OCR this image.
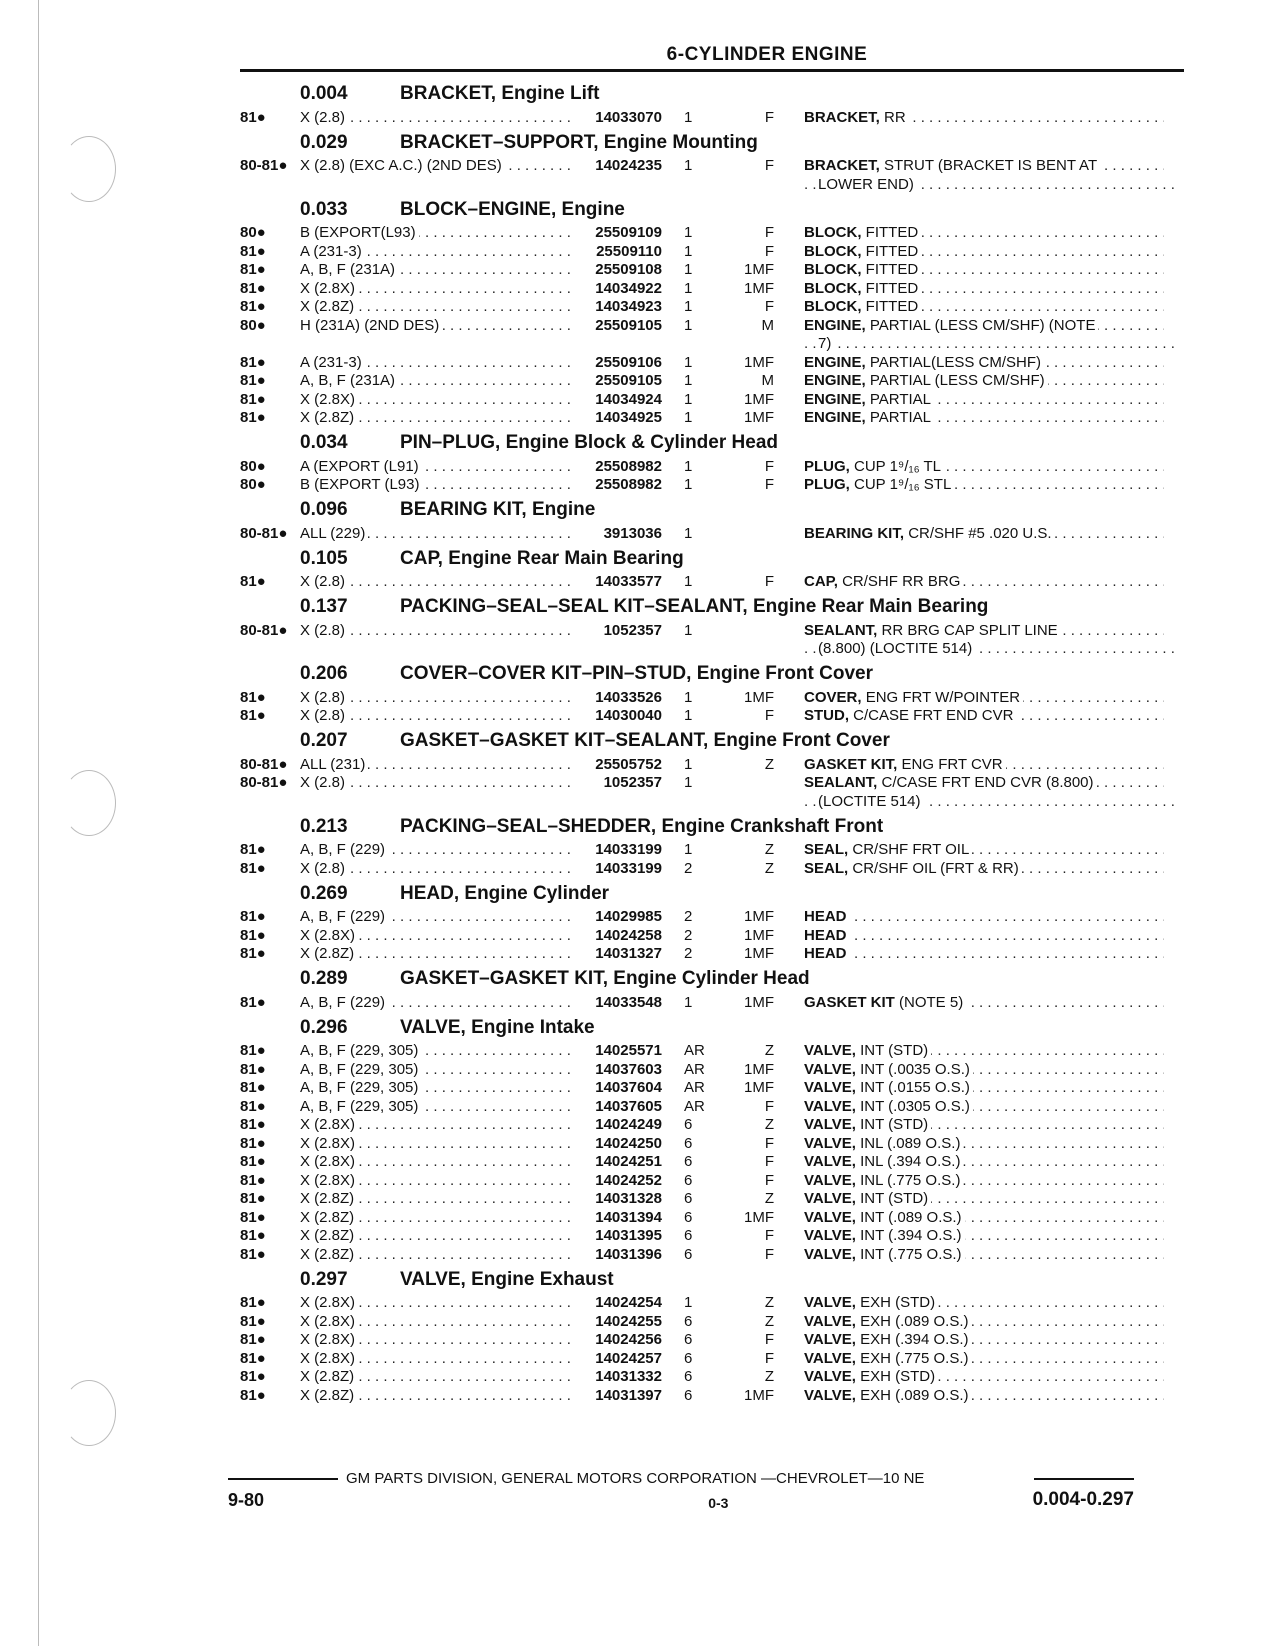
6-CYLINDER ENGINE
0.004	BRACKET,
Engine Lift
81●	X (2.8) . . .	14033070	1	F	BRACKET, RR . . .
0.029	BRACKET–SUPPORT,
Engine Mounting
80-81● X (2.8) (EXC A.C.) (2ND DES) . . .	14024235	1	F	BRACKET, STRUT (BRACKET IS BENT AT . . .
LOWER END) . . .
0.033	BLOCK–ENGINE,
Engine
80●	B (EXPORT(L93) . . .	25509109	1	F	BLOCK, FITTED . . .
81●	A (231-3) . . .	25509110	1	F	BLOCK, FITTED . . .
81●	A, B, F (231A) . . .	25509108	1	1MF	BLOCK, FITTED . . .
81●	X (2.8X) . . .	14034922	1	1MF	BLOCK, FITTED . . .
81●	X (2.8Z) . . .	14034923	1	F	BLOCK, FITTED . . .
80●	H (231A) (2ND DES) . . .	25509105	1	M	ENGINE, PARTIAL (LESS CM/SHF) (NOTE . . .
7) . . .
81●	A (231-3) . . .	25509106	1	1MF	ENGINE, PARTIAL(LESS CM/SHF) . . .
81●	A, B, F (231A) . . .	25509105	1	M	ENGINE, PARTIAL (LESS CM/SHF) . . .
81●	X (2.8X) . . .	14034924	1	1MF	ENGINE, PARTIAL . . .
81●	X (2.8Z) . . .	14034925	1	1MF	ENGINE, PARTIAL . . .
0.034	PIN–PLUG,
Engine Block & Cylinder Head
80●	A (EXPORT (L91) . . .	25508982	1	F	PLUG, CUP 1⁹/₁₆ TL . . .
80●	B (EXPORT (L93) . . .	25508982	1	F	PLUG, CUP 1⁹/₁₆ STL . . .
0.096	BEARING KIT,
Engine
80-81● ALL (229) . . .	3913036	1	BEARING KIT, CR/SHF #5 .020 U.S. . . .
0.105	CAP,
Engine Rear Main Bearing
81●	X (2.8) . . .	14033577	1	F	CAP, CR/SHF RR BRG . . .
0.137	PACKING–SEAL–SEAL KIT–SEALANT,
Engine Rear Main Bearing
80-81● X (2.8) . . .	1052357	1	SEALANT, RR BRG CAP SPLIT LINE . . .
(8.800) (LOCTITE 514) . . .
0.206	COVER–COVER KIT–PIN–STUD,
Engine Front Cover
81●	X (2.8) . . .	14033526	1	1MF	COVER, ENG FRT W/POINTER . . .
81●	X (2.8) . . .	14030040	1	F	STUD, C/CASE FRT END CVR . . .
0.207	GASKET–GASKET KIT–SEALANT,
Engine Front Cover
80-81● ALL (231) . . .	25505752	1	Z	GASKET KIT, ENG FRT CVR . . .
80-81● X (2.8) . . .	1052357	1	SEALANT, C/CASE FRT END CVR (8.800) . . .
(LOCTITE 514) . . .
0.213	PACKING–SEAL–SHEDDER,
Engine Crankshaft Front
81●	A, B, F (229) . . .	14033199	1	Z	SEAL, CR/SHF FRT OIL . . .
81●	X (2.8) . . .	14033199	2	Z	SEAL, CR/SHF OIL (FRT & RR) . . .
0.269	HEAD,
Engine Cylinder
81●	A, B, F (229) . . .	14029985	2	1MF	HEAD . . .
81●	X (2.8X) . . .	14024258	2	1MF	HEAD . . .
81●	X (2.8Z) . . .	14031327	2	1MF	HEAD . . .
0.289	GASKET–GASKET KIT,
Engine Cylinder Head
81●	A, B, F (229) . . .	14033548	1	1MF	GASKET KIT (NOTE 5) . . .
0.296	VALVE,
Engine Intake
81●	A, B, F (229, 305) . . .	14025571	AR	Z	VALVE, INT (STD) . . .
81●	A, B, F (229, 305) . . .	14037603	AR	1MF	VALVE, INT (.0035 O.S.) . . .
81●	A, B, F (229, 305) . . .	14037604	AR	1MF	VALVE, INT (.0155 O.S.) . . .
81●	A, B, F (229, 305) . . .	14037605	AR	F	VALVE, INT (.0305 O.S.) . . .
81●	X (2.8X) . . .	14024249	6	Z	VALVE, INT (STD) . . .
81●	X (2.8X) . . .	14024250	6	F	VALVE, INL (.089 O.S.) . . .
81●	X (2.8X) . . .	14024251	6	F	VALVE, INL (.394 O.S.) . . .
81●	X (2.8X) . . .	14024252	6	F	VALVE, INL (.775 O.S.) . . .
81●	X (2.8Z) . . .	14031328	6	Z	VALVE, INT (STD) . . .
81●	X (2.8Z) . . .	14031394	6	1MF	VALVE, INT (.089 O.S.) . . .
81●	X (2.8Z) . . .	14031395	6	F	VALVE, INT (.394 O.S.) . . .
81●	X (2.8Z) . . .	14031396	6	F	VALVE, INT (.775 O.S.) . . .
0.297	VALVE,
Engine Exhaust
81●	X (2.8X) . . .	14024254	1	Z	VALVE, EXH (STD) . . .
81●	X (2.8X) . . .	14024255	6	Z	VALVE, EXH (.089 O.S.) . . .
81●	X (2.8X) . . .	14024256	6	F	VALVE, EXH (.394 O.S.) . . .
81●	X (2.8X) . . .	14024257	6	F	VALVE, EXH (.775 O.S.) . . .
81●	X (2.8Z) . . .	14031332	6	Z	VALVE, EXH (STD) . . .
81●	X (2.8Z) . . .	14031397	6	1MF	VALVE, EXH (.089 O.S.) . . .
GM PARTS DIVISION, GENERAL MOTORS CORPORATION —CHEVROLET—10 NE
9-80	0-3	0.004-0.297
